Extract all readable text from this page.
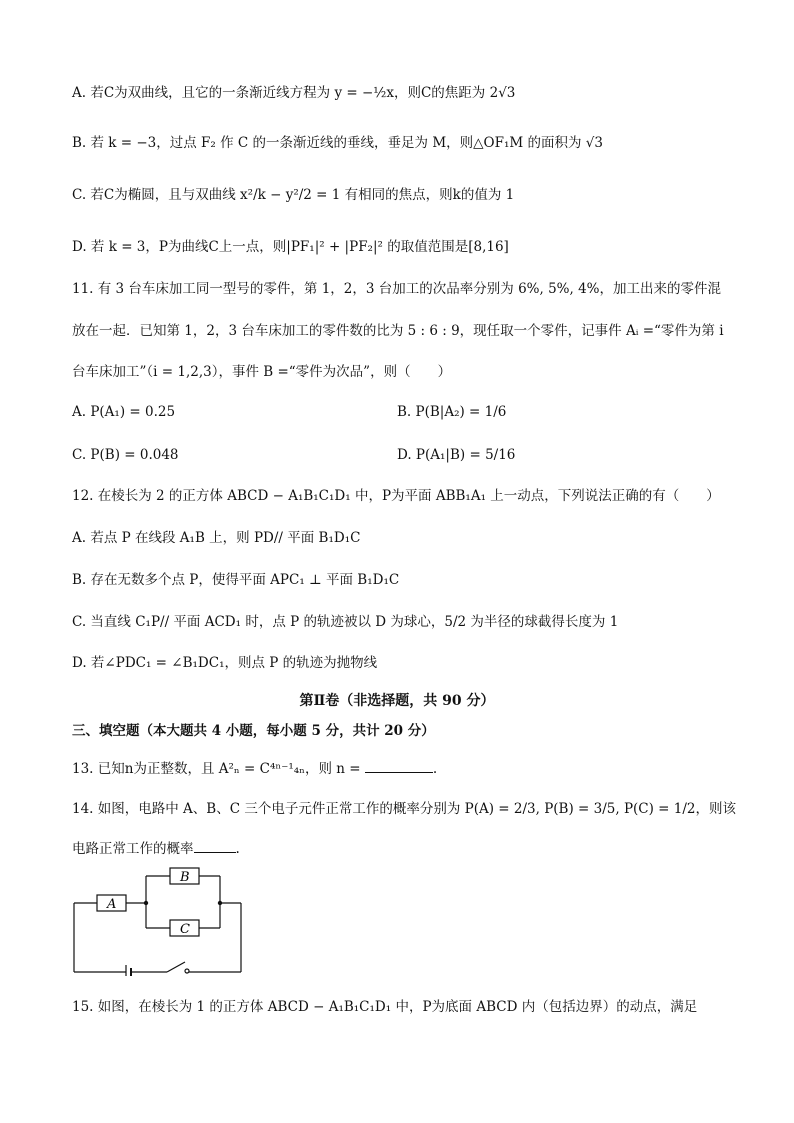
A. 若C为双曲线，且它的一条渐近线方程为 y = −½x，则C的焦距为 2√3
B. 若 k = −3，过点 F₂ 作 C 的一条渐近线的垂线，垂足为 M，则△OF₁M 的面积为 √3
C. 若C为椭圆，且与双曲线 x²/k − y²/2 = 1 有相同的焦点，则k的值为 1
D. 若 k = 3，P为曲线C上一点，则|PF₁|² + |PF₂|² 的取值范围是[8,16]
11. 有 3 台车床加工同一型号的零件，第 1，2，3 台加工的次品率分别为 6%, 5%, 4%，加工出来的零件混
放在一起．已知第 1，2，3 台车床加工的零件数的比为 5 : 6 : 9，现任取一个零件，记事件 Aᵢ =“零件为第 i
台车床加工”（i = 1,2,3），事件 B =“零件为次品”，则（　　）
A. P(A₁) = 0.25	B. P(B|A₂) = 1/6
C. P(B) = 0.048	D. P(A₁|B) = 5/16
12. 在棱长为 2 的正方体 ABCD − A₁B₁C₁D₁ 中，P为平面 ABB₁A₁ 上一动点，下列说法正确的有（　　）
A. 若点 P 在线段 A₁B 上，则 PD// 平面 B₁D₁C
B. 存在无数多个点 P，使得平面 APC₁ ⊥ 平面 B₁D₁C
C. 当直线 C₁P// 平面 ACD₁ 时，点 P 的轨迹被以 D 为球心，5/2 为半径的球截得长度为 1
D. 若∠PDC₁ = ∠B₁DC₁，则点 P 的轨迹为抛物线
第Ⅱ卷（非选择题，共 90 分）
三、填空题（本大题共 4 小题，每小题 5 分，共计 20 分）
13. 已知n为正整数，且 A²ₙ = C⁴ⁿ⁻¹₄ₙ，则 n =	.
14. 如图，电路中 A、B、C 三个电子元件正常工作的概率分别为 P(A) = 2/3, P(B) = 3/5, P(C) = 1/2，则该
电路正常工作的概率	.
A
B
C
15. 如图，在棱长为 1 的正方体 ABCD − A₁B₁C₁D₁ 中，P为底面 ABCD 内（包括边界）的动点，满足
